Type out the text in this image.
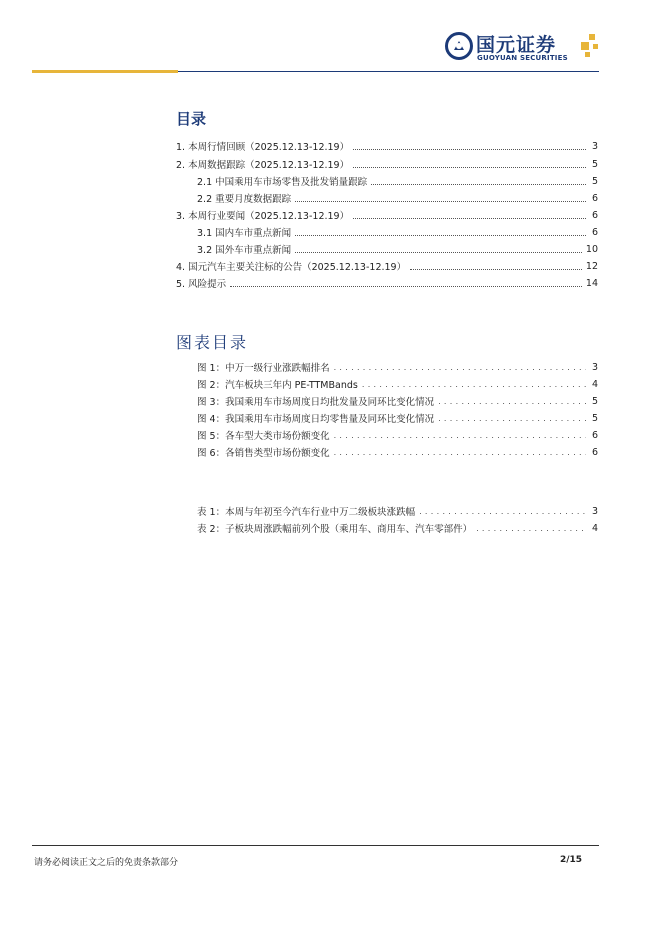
国元证券
GUOYUAN SECURITIES
目录
1. 本周行情回顾（2025.12.13-12.19）	3
2. 本周数据跟踪（2025.12.13-12.19）	5
2.1 中国乘用车市场零售及批发销量跟踪	5
2.2 重要月度数据跟踪	6
3. 本周行业要闻（2025.12.13-12.19）	6
3.1 国内车市重点新闻	6
3.2 国外车市重点新闻	10
4. 国元汽车主要关注标的公告（2025.12.13-12.19）	12
5. 风险提示	14
图表目录
图 1：中万一级行业涨跌幅排名 .....	3
图 2：汽车板块三年内 PE-TTMBands .....	4
图 3：我国乘用车市场周度日均批发量及同环比变化情况 .....	5
图 4：我国乘用车市场周度日均零售量及同环比变化情况 .....	5
图 5：各车型大类市场份额变化 .....	6
图 6：各销售类型市场份额变化 .....	6
表 1：本周与年初至今汽车行业中万二级板块涨跌幅 .....	3
表 2：子板块周涨跌幅前列个股（乘用车、商用车、汽车零部件） .....	4
请务必阅读正文之后的免责条款部分	2/15
